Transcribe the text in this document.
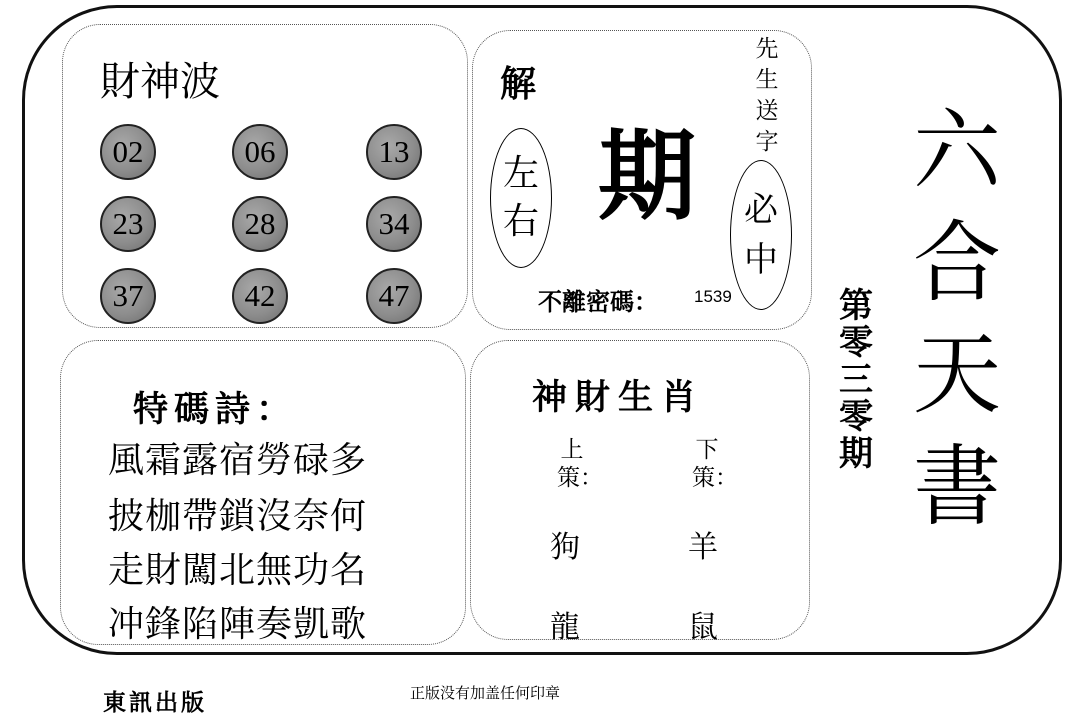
財神波
02	06	13
23	28	34
37	42	47
解
左
右 期
先生送字
必
中
不離密碼： 1539
六合天書
第零三零期
特碼詩：
風霜露宿勞碌多
披枷帶鎖沒奈何
走財闖北無功名
冲鋒陷陣奏凱歌
神財生肖
上策：
狗
龍
下策：
羊
鼠
東訊出版	正版没有加盖任何印章
